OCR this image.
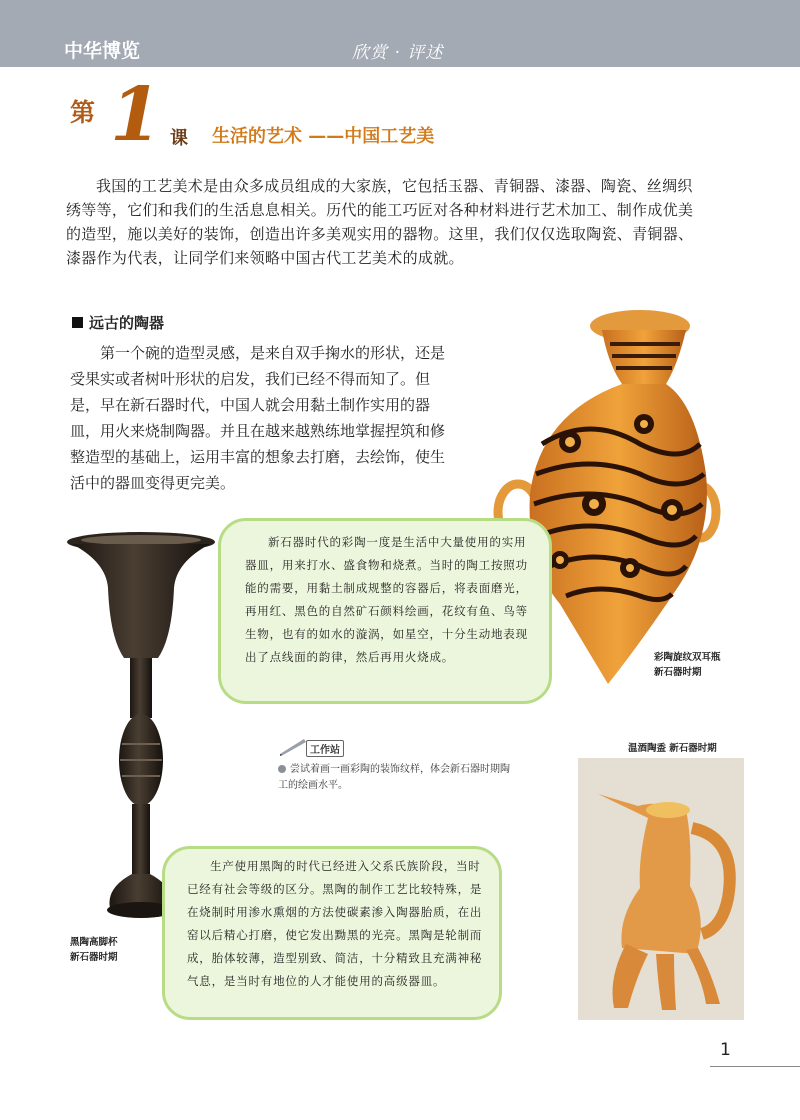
中华博览	欣赏 · 评述
第 1 课 生活的艺术 ——中国工艺美

我国的工艺美术是由众多成员组成的大家族，它包括玉器、青铜器、漆器、陶瓷、丝绸织绣等等，它们和我们的生活息息相关。历代的能工巧匠对各种材料进行艺术加工、制作成优美的造型，施以美好的装饰，创造出许多美观实用的器物。这里，我们仅仅选取陶瓷、青铜器、漆器作为代表，让同学们来领略中国古代工艺美术的成就。

远古的陶器

第一个碗的造型灵感，是来自双手掬水的形状，还是受果实或者树叶形状的启发，我们已经不得而知了。但是，早在新石器时代，中国人就会用黏土制作实用的器皿，用火来烧制陶器。并且在越来越熟练地掌握捏筑和修整造型的基础上，运用丰富的想象去打磨，去绘饰，使生活中的器皿变得更完美。

彩陶旋纹双耳瓶
新石器时期
新石器时代的彩陶一度是生活中大量使用的实用器皿，用来打水、盛食物和烧煮。当时的陶工按照功能的需要，用黏土制成规整的容器后，将表面磨光，再用红、黑色的自然矿石颜料绘画，花纹有鱼、鸟等生物，也有的如水的漩涡，如星空，十分生动地表现出了点线面的韵律，然后再用火烧成。
黑陶高脚杯
新石器时期
工作站
尝试着画一画彩陶的装饰纹样，体会新石器时期陶工的绘画水平。
温酒陶盉 新石器时期
生产使用黑陶的时代已经进入父系氏族阶段，当时已经有社会等级的区分。黑陶的制作工艺比较特殊，是在烧制时用渗水熏烟的方法使碳素渗入陶器胎质，在出窑以后精心打磨，使它发出黝黑的光亮。黑陶是轮制而成，胎体较薄，造型别致、简洁，十分精致且充满神秘气息，是当时有地位的人才能使用的高级器皿。
1
